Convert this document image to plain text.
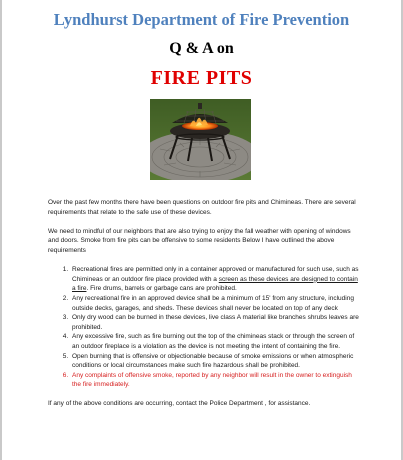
Lyndhurst Department of Fire Prevention
Q & A on
FIRE PITS

Over the past few months there have been questions on outdoor fire pits and Chimineas. There are several requirements that relate to the safe use of these devices.

We need to mindful of our neighbors that are also trying to enjoy the fall weather with opening of windows and doors. Smoke from fire pits can be offensive to some residents Below I have outlined the above requirements

1. Recreational fires are permitted only in a container approved or manufactured for such use, such as Chimineas or an outdoor fire place provided with a screen as these devices are designed to contain a fire. Fire drums, barrels or garbage cans are prohibited.
2. Any recreational fire in an approved device shall be a minimum of 15' from any structure, including outside decks, garages, and sheds. These devices shall never be located on top of any deck
3. Only dry wood can be burned in these devices, live class A material like branches shrubs leaves are prohibited.
4. Any excessive fire, such as fire burning out the top of the chimineas stack or through the screen of an outdoor fireplace is a violation as the device is not meeting the intent of containing the fire.
5. Open burning that is offensive or objectionable because of smoke emissions or when atmospheric conditions or local circumstances make such fire hazardous shall be prohibited.
6. Any complaints of offensive smoke, reported by any neighbor will result in the owner to extinguish the fire immediately.

If any of the above conditions are occurring, contact the Police Department , for assistance.
